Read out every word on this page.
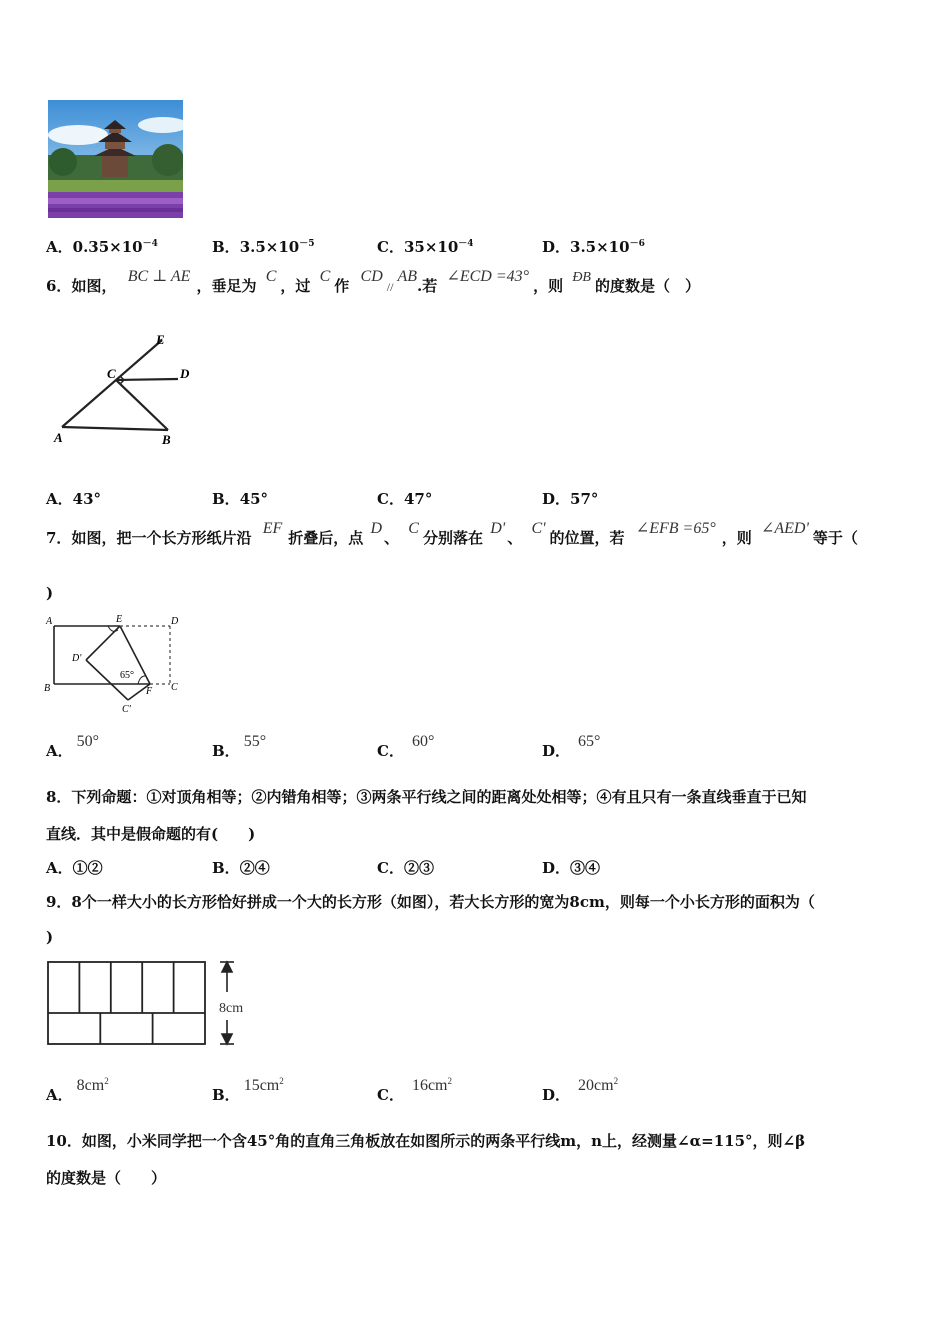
A．$0.35\times 10^{-4}$	B．$3.5\times 10^{-5}$	C．$35\times 10^{-4}$	D．$3.5\times 10^{-6}$
6．如图， BC ⊥ AE，垂足为 C，过 C作 CD//AB.若 ∠ECD =43°，则 ÐB 的度数是（　）
E
C	D
A	B
A．43°	B．45°	C．47°	D．57°
7．如图，把一个长方形纸片沿 EF折叠后，点 D、 C分别落在 D'、 C'的位置，若 ∠EFB =65°，则 ∠AED'等于（
)
A	E	D
D'
B	F C
C'
65°
A．50°
B．55°
C．60°
D．65°
8．下列命题：①对顶角相等；②内错角相等；③两条平行线之间的距离处处相等；④有且只有一条直线垂直于已知
直线．其中是假命题的有(　　)
A．①②	B．②④	C．②③	D．③④
9．8个一样大小的长方形恰好拼成一个大的长方形（如图），若大长方形的宽为8cm，则每一个小长方形的面积为（
)
8cm
A．$8cm^2$
B．$15cm^2$
C．$16cm^2$
D．$20cm^2$
10．如图，小米同学把一个含45°角的直角三角板放在如图所示的两条平行线m，n上，经测量∠α=115°，则∠β
的度数是（　　）
